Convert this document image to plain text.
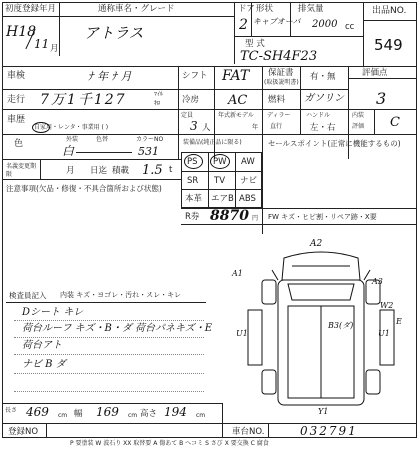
初度登録年月
H18
11 月
通称車名・グレード
アトラス
ドア
2
形状
キャブオーバ
排気量
2000 cc
出品NO.
549
型 式
TC-SH4F23
車検	ﾅ 年 ﾅ 月	シフト FAT 保証書
(取扱説明書)
有・無	評価点
3
走行 7万1千127	ﾏｲﾙ
ｷﾛ	冷房 AC 燃料 ガソリン
車歴
自家用・レンタ・事業用 ( )
定員
3 人
年式新モデル
年
ディラー
直行
ハンドル
左・右
内装
評価 C
色	外装	色替
白
カラーNO
531
装備品(純正品に限る)	セールスポイント(正常に機能するもの)
PS PW AW
SR TV ナビ
本革 エアB ABS
R券 8870 円 FW キズ・ヒビ割・リペア跡・X要
名義変更期限	月 日迄 積載 1.5 t
注意事項(欠品・修復・不具合箇所および状態)
A2
A1
A3
B3(ダ)
U1	U1
W2
E
Y1
検査員記入 内装 キズ・ヨゴレ・汚れ・スレ・キレ
Dシート キレ
荷台ルーフ キズ・B・ダ 荷台パネキズ・E
荷台アト
ナビ B ダ
長さ 469 cm 幅 169 cm 高さ 194 cm
登録NO	車台NO.	032791
P 要塗装 W 波石り XX 取替要 A 傷あて B へコミ S さび X 要交換 C 腐食
